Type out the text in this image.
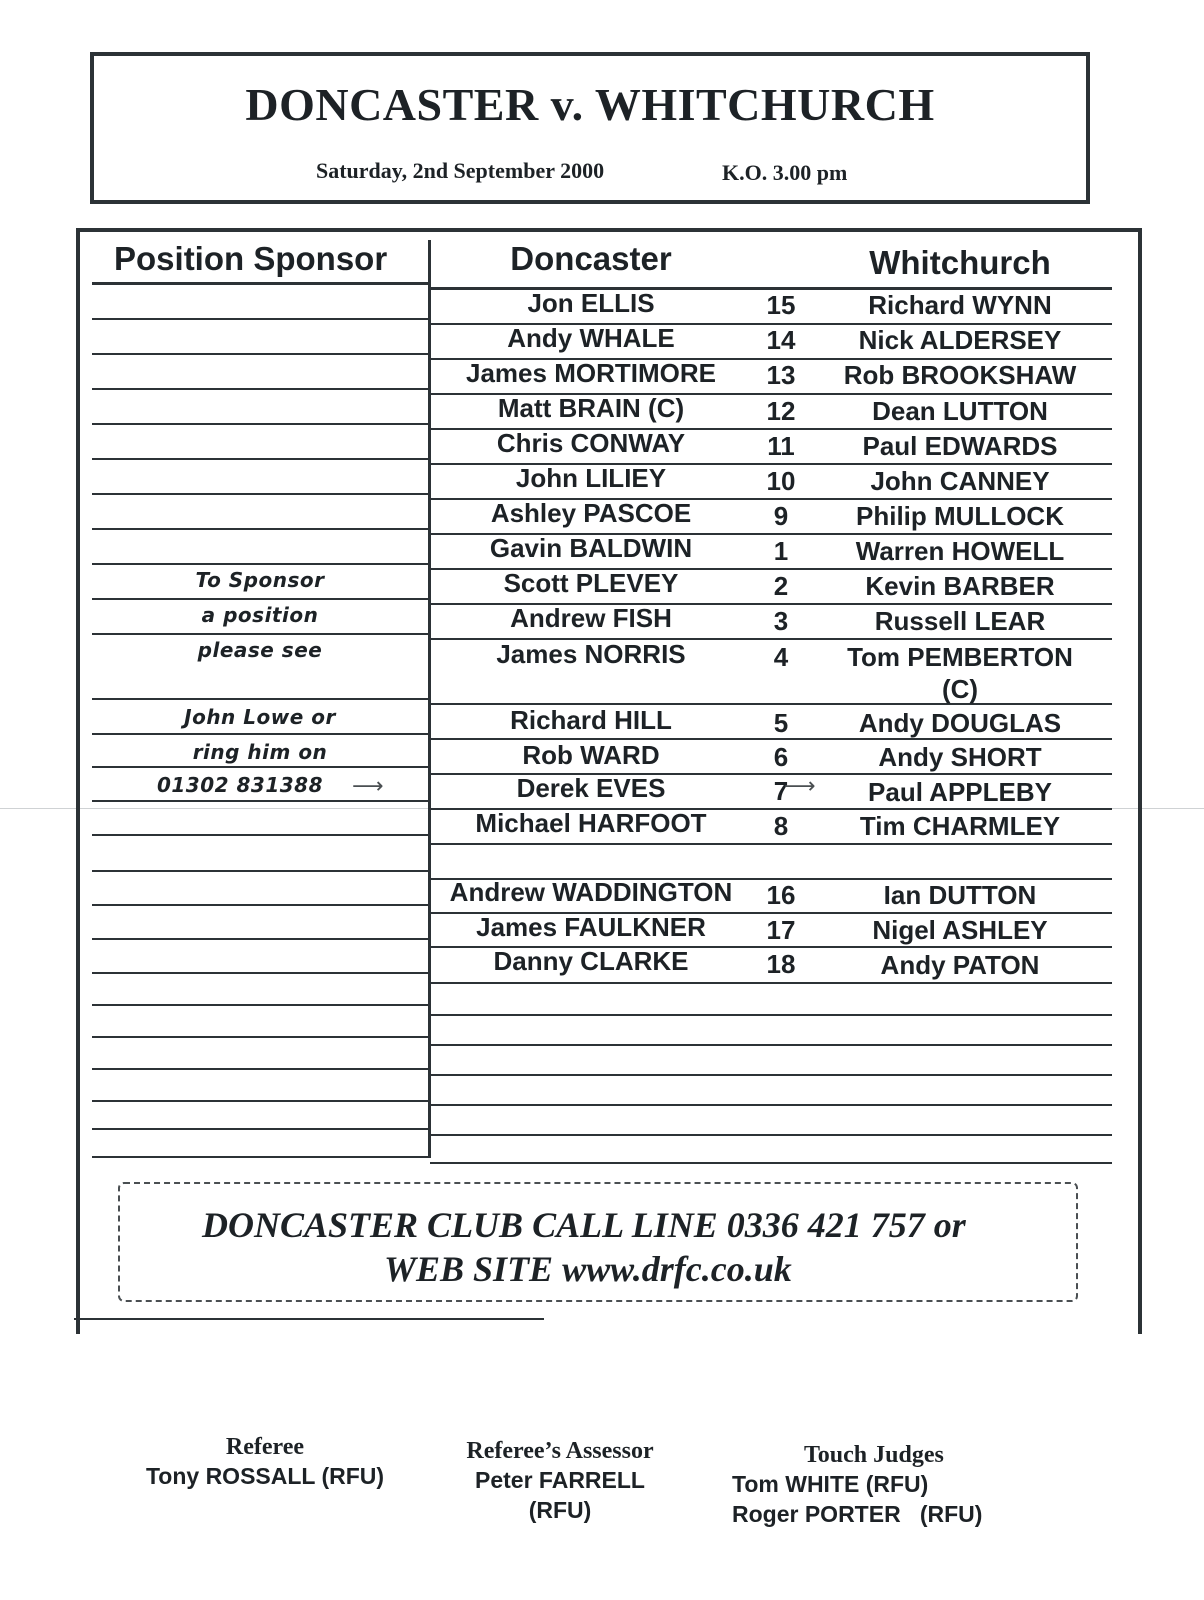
DONCASTER v. WHITCHURCH
Saturday, 2nd September 2000	K.O. 3.00 pm
Position Sponsor	Doncaster	Whitchurch
Jon ELLIS	15	Richard WYNN
Andy WHALE	14	Nick ALDERSEY
James MORTIMORE	13	Rob BROOKSHAW
Matt BRAIN (C)	12	Dean LUTTON
Chris CONWAY	11	Paul EDWARDS
John LILIEY	10	John CANNEY
Ashley PASCOE	9	Philip MULLOCK
Gavin BALDWIN	1	Warren HOWELL
Scott PLEVEY	2	Kevin BARBER
Andrew FISH	3	Russell LEAR
James NORRIS	4	Tom PEMBERTON
(C)
Richard HILL	5	Andy DOUGLAS
Rob WARD	6	Andy SHORT
Derek EVES	7	Paul APPLEBY
Michael HARFOOT	8	Tim CHARMLEY
Andrew WADDINGTON	16	Ian DUTTON
James FAULKNER	17	Nigel ASHLEY
Danny CLARKE	18	Andy PATON
To Sponsor
a position
please see
John Lowe or
ring him on
01302 831388	⟶	⟶
DONCASTER CLUB CALL LINE 0336 421 757 or
WEB SITE www.drfc.co.uk
Referee
Tony ROSSALL (RFU)
Referee’s Assessor
Peter FARRELL
(RFU)
Touch Judges
Tom WHITE (RFU)
Roger PORTER   (RFU)
